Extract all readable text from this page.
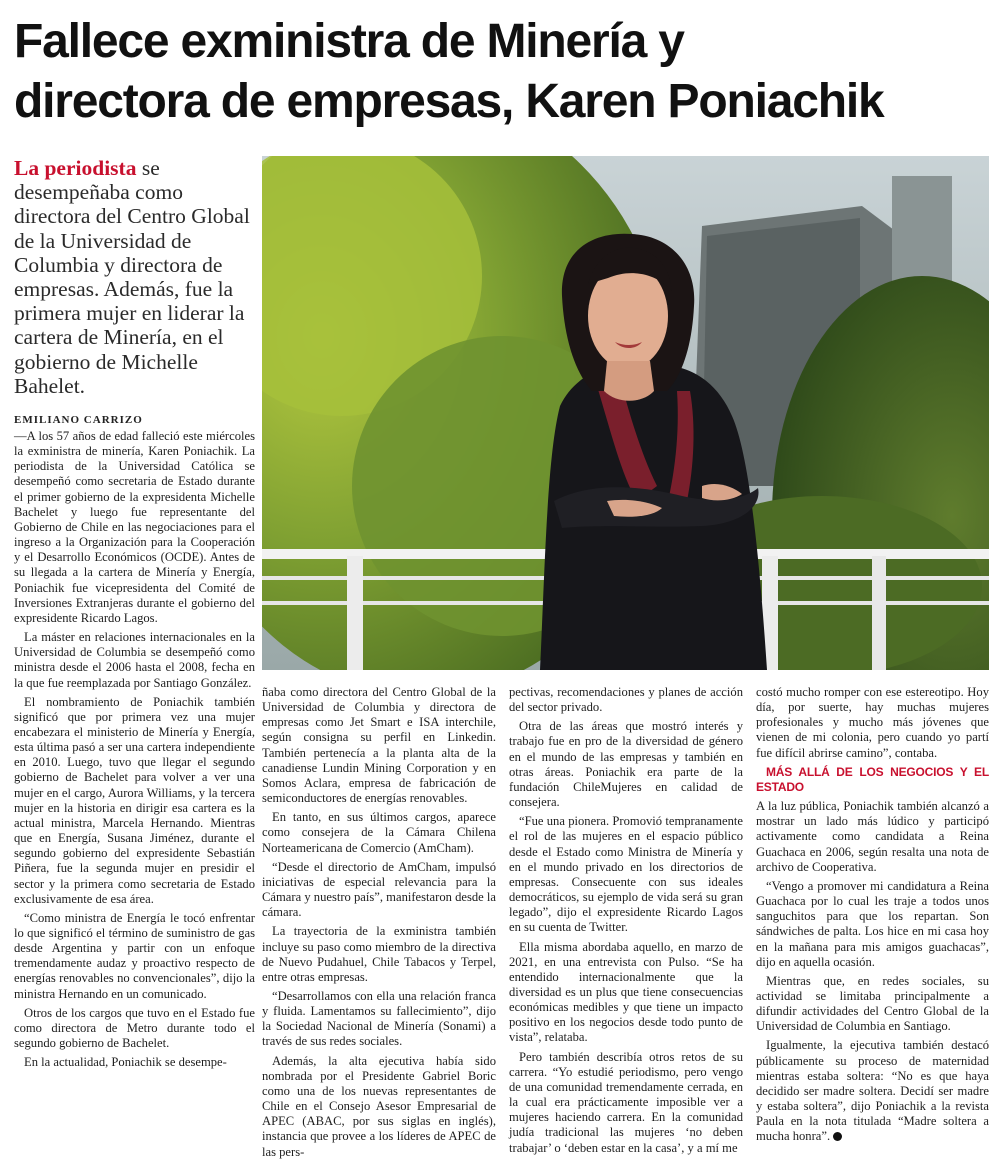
Fallece exministra de Minería y
directora de empresas, Karen Poniachik
La periodista se desempeñaba como directora del Centro Global de la Universidad de Columbia y directora de empresas. Además, fue la primera mujer en liderar la cartera de Minería, en el gobierno de Michelle Bahelet.
EMILIANO CARRIZO

—A los 57 años de edad falleció este miércoles la exministra de minería, Karen Poniachik. La periodista de la Universidad Católica se desempeñó como secretaria de Estado durante el primer gobierno de la expresidenta Michelle Bachelet y luego fue representante del Gobierno de Chile en las negociaciones para el ingreso a la Organización para la Cooperación y el Desarrollo Económicos (OCDE). Antes de su llegada a la cartera de Minería y Energía, Poniachik fue vicepresidenta del Comité de Inversiones Extranjeras durante el gobierno del expresidente Ricardo Lagos.

La máster en relaciones internacionales en la Universidad de Columbia se desempeñó como ministra desde el 2006 hasta el 2008, fecha en la que fue reemplazada por Santiago González.

El nombramiento de Poniachik también significó que por primera vez una mujer encabezara el ministerio de Minería y Energía, esta última pasó a ser una cartera independiente en 2010. Luego, tuvo que llegar el segundo gobierno de Bachelet para volver a ver una mujer en el cargo, Aurora Williams, y la tercera mujer en la historia en dirigir esa cartera es la actual ministra, Marcela Hernando. Mientras que en Energía, Susana Jiménez, durante el segundo gobierno del expresidente Sebastián Piñera, fue la segunda mujer en presidir el sector y la primera como secretaria de Estado exclusivamente de esa área.

“Como ministra de Energía le tocó enfrentar lo que significó el término de suministro de gas desde Argentina y partir con un enfoque tremendamente audaz y proactivo respecto de energías renovables no convencionales”, dijo la ministra Hernando en un comunicado.

Otros de los cargos que tuvo en el Estado fue como directora de Metro durante todo el segundo gobierno de Bachelet.

En la actualidad, Poniachik se desempe-

ñaba como directora del Centro Global de la Universidad de Columbia y directora de empresas como Jet Smart e ISA interchile, según consigna su perfil en Linkedin. También pertenecía a la planta alta de la canadiense Lundin Mining Corporation y en Somos Aclara, empresa de fabricación de semiconductores de energías renovables.

En tanto, en sus últimos cargos, aparece como consejera de la Cámara Chilena Norteamericana de Comercio (AmCham).

“Desde el directorio de AmCham, impulsó iniciativas de especial relevancia para la Cámara y nuestro país”, manifestaron desde la cámara.

La trayectoria de la exministra también incluye su paso como miembro de la directiva de Nuevo Pudahuel, Chile Tabacos y Terpel, entre otras empresas.

“Desarrollamos con ella una relación franca y fluida. Lamentamos su fallecimiento”, dijo la Sociedad Nacional de Minería (Sonami) a través de sus redes sociales.

Además, la alta ejecutiva había sido nombrada por el Presidente Gabriel Boric como una de los nuevas representantes de Chile en el Consejo Asesor Empresarial de APEC (ABAC, por sus siglas en inglés), instancia que provee a los líderes de APEC de las pers-

pectivas, recomendaciones y planes de acción del sector privado.

Otra de las áreas que mostró interés y trabajo fue en pro de la diversidad de género en el mundo de las empresas y también en otras áreas. Poniachik era parte de la fundación ChileMujeres en calidad de consejera.

“Fue una pionera. Promovió tempranamente el rol de las mujeres en el espacio público desde el Estado como Ministra de Minería y en el mundo privado en los directorios de empresas. Consecuente con sus ideales democráticos, su ejemplo de vida será su gran legado”, dijo el expresidente Ricardo Lagos en su cuenta de Twitter.

Ella misma abordaba aquello, en marzo de 2021, en una entrevista con Pulso. “Se ha entendido internacionalmente que la diversidad es un plus que tiene consecuencias económicas medibles y que tiene un impacto positivo en los negocios desde todo punto de vista”, relataba.

Pero también describía otros retos de su carrera. “Yo estudié periodismo, pero vengo de una comunidad tremendamente cerrada, en la cual era prácticamente imposible ver a mujeres haciendo carrera. En la comunidad judía tradicional las mujeres ‘no deben trabajar’ o ‘deben estar en la casa’, y a mí me

costó mucho romper con ese estereotipo. Hoy día, por suerte, hay muchas mujeres profesionales y mucho más jóvenes que vienen de mi colonia, pero cuando yo partí fue difícil abrirse camino”, contaba.

MÁS ALLÁ DE LOS NEGOCIOS Y EL ESTADO

A la luz pública, Poniachik también alcanzó a mostrar un lado más lúdico y participó activamente como candidata a Reina Guachaca en 2006, según resalta una nota de archivo de Cooperativa.

“Vengo a promover mi candidatura a Reina Guachaca por lo cual les traje a todos unos sanguchitos para que los repartan. Son sándwiches de palta. Los hice en mi casa hoy en la mañana para mis amigos guachacas”, dijo en aquella ocasión.

Mientras que, en redes sociales, su actividad se limitaba principalmente a difundir actividades del Centro Global de la Universidad de Columbia en Santiago.

Igualmente, la ejecutiva también destacó públicamente su proceso de maternidad mientras estaba soltera: “No es que haya decidido ser madre soltera. Decidí ser madre y estaba soltera”, dijo Poniachik a la revista Paula en la nota titulada “Madre soltera a mucha honra”.
